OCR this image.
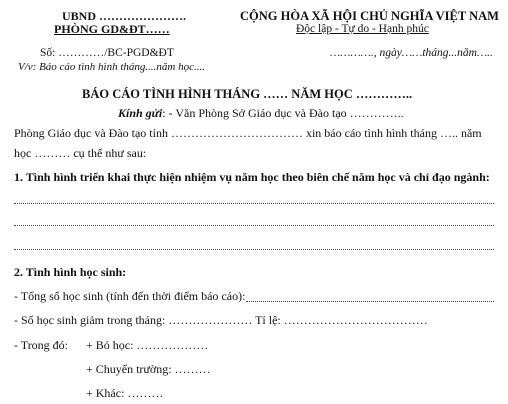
UBND ………………….
PHÒNG GD&ĐT……
CỘNG HÒA XÃ HỘI CHỦ NGHĨA VIỆT NAM
Độc lập - Tự do - Hạnh phúc
Số: …………/BC-PGD&ĐT
V/v: Báo cáo tình hình tháng....năm học....
…………., ngày……tháng...năm…..
BÁO CÁO TÌNH HÌNH THÁNG …… NĂM HỌC …………..
Kính gửi: - Văn Phòng Sở Giáo dục và Đào tạo …………..
Phòng Giáo dục và Đào tạo tỉnh …………………………… xin báo cáo tình hình tháng ….. năm
học ……… cụ thể như sau:
1. Tình hình triển khai thực hiện nhiệm vụ năm học theo biên chế năm học và chỉ đạo ngành:
2. Tình hình học sinh:
- Tổng số học sinh (tính đến thời điểm báo cáo):
- Số học sinh giảm trong tháng: ………………… Tỉ lệ: ………………………………
- Trong đó: + Bỏ học: ………………
+ Chuyển trường: ………
+ Khác: ………
